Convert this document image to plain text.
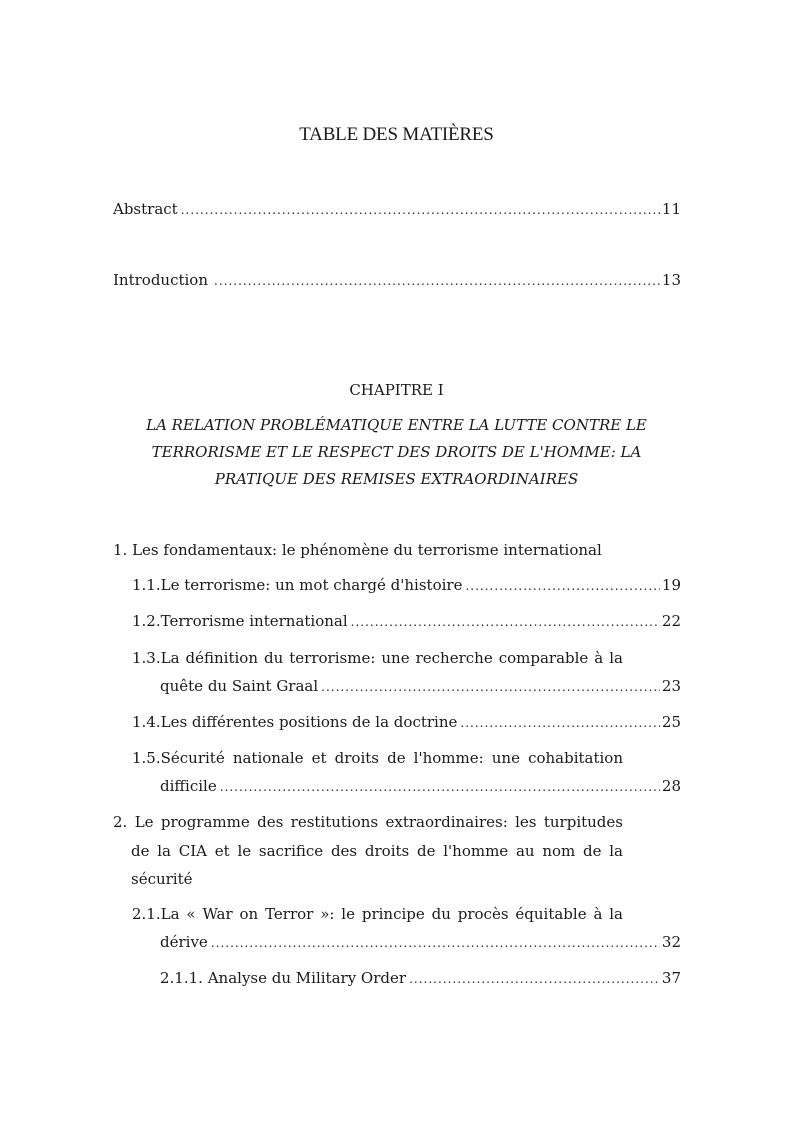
TABLE DES MATIÈRES
Abstract .....	11
Introduction .....	13
CHAPITRE I
LA RELATION PROBLÉMATIQUE ENTRE LA LUTTE CONTRE LE
TERRORISME ET LE RESPECT DES DROITS DE L'HOMME: LA
PRATIQUE DES REMISES EXTRAORDINAIRES
1. Les fondamentaux: le phénomène du terrorisme international
1.1.Le terrorisme: un mot chargé d'histoire .....	19
1.2.Terrorisme international .....	22
1.3.La définition du terrorisme: une recherche comparable à la
quête du Saint Graal .....	23
1.4.Les différentes positions de la doctrine .....	25
1.5.Sécurité nationale et droits de l'homme: une cohabitation
difficile .....	28
2. Le programme des restitutions extraordinaires: les turpitudes
de la CIA et le sacrifice des droits de l'homme au nom de la
sécurité
2.1.La « War on Terror »: le principe du procès équitable à la
dérive .....	32
2.1.1. Analyse du Military Order .....	37
